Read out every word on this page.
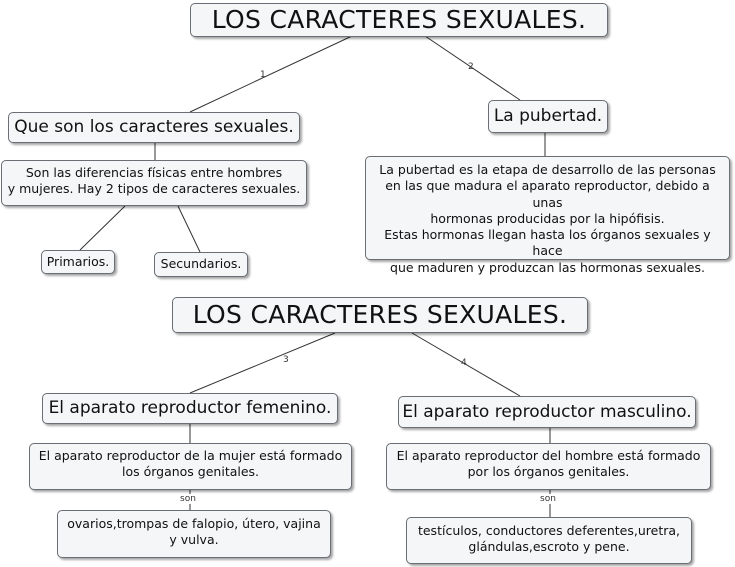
1
2
3	4
son	son
LOS CARACTERES SEXUALES.
Que son los caracteres sexuales.
Son las diferencias físicas entre hombres
y mujeres. Hay 2 tipos de caracteres sexuales.
Primarios.	Secundarios.
La pubertad.
La pubertad es la etapa de desarrollo de las personas
en las que madura el aparato reproductor, debido a unas
hormonas producidas por la hipófisis.
Estas hormonas llegan hasta los órganos sexuales y hace
que maduren y produzcan las hormonas sexuales.
LOS CARACTERES SEXUALES.
El aparato reproductor femenino.
El aparato reproductor de la mujer está formado
los órganos genitales.
ovarios,trompas de falopio, útero, vajina
y vulva.
El aparato reproductor masculino.
El aparato reproductor del hombre está formado
por los órganos genitales.
testículos, conductores deferentes,uretra,
glándulas,escroto y pene.
